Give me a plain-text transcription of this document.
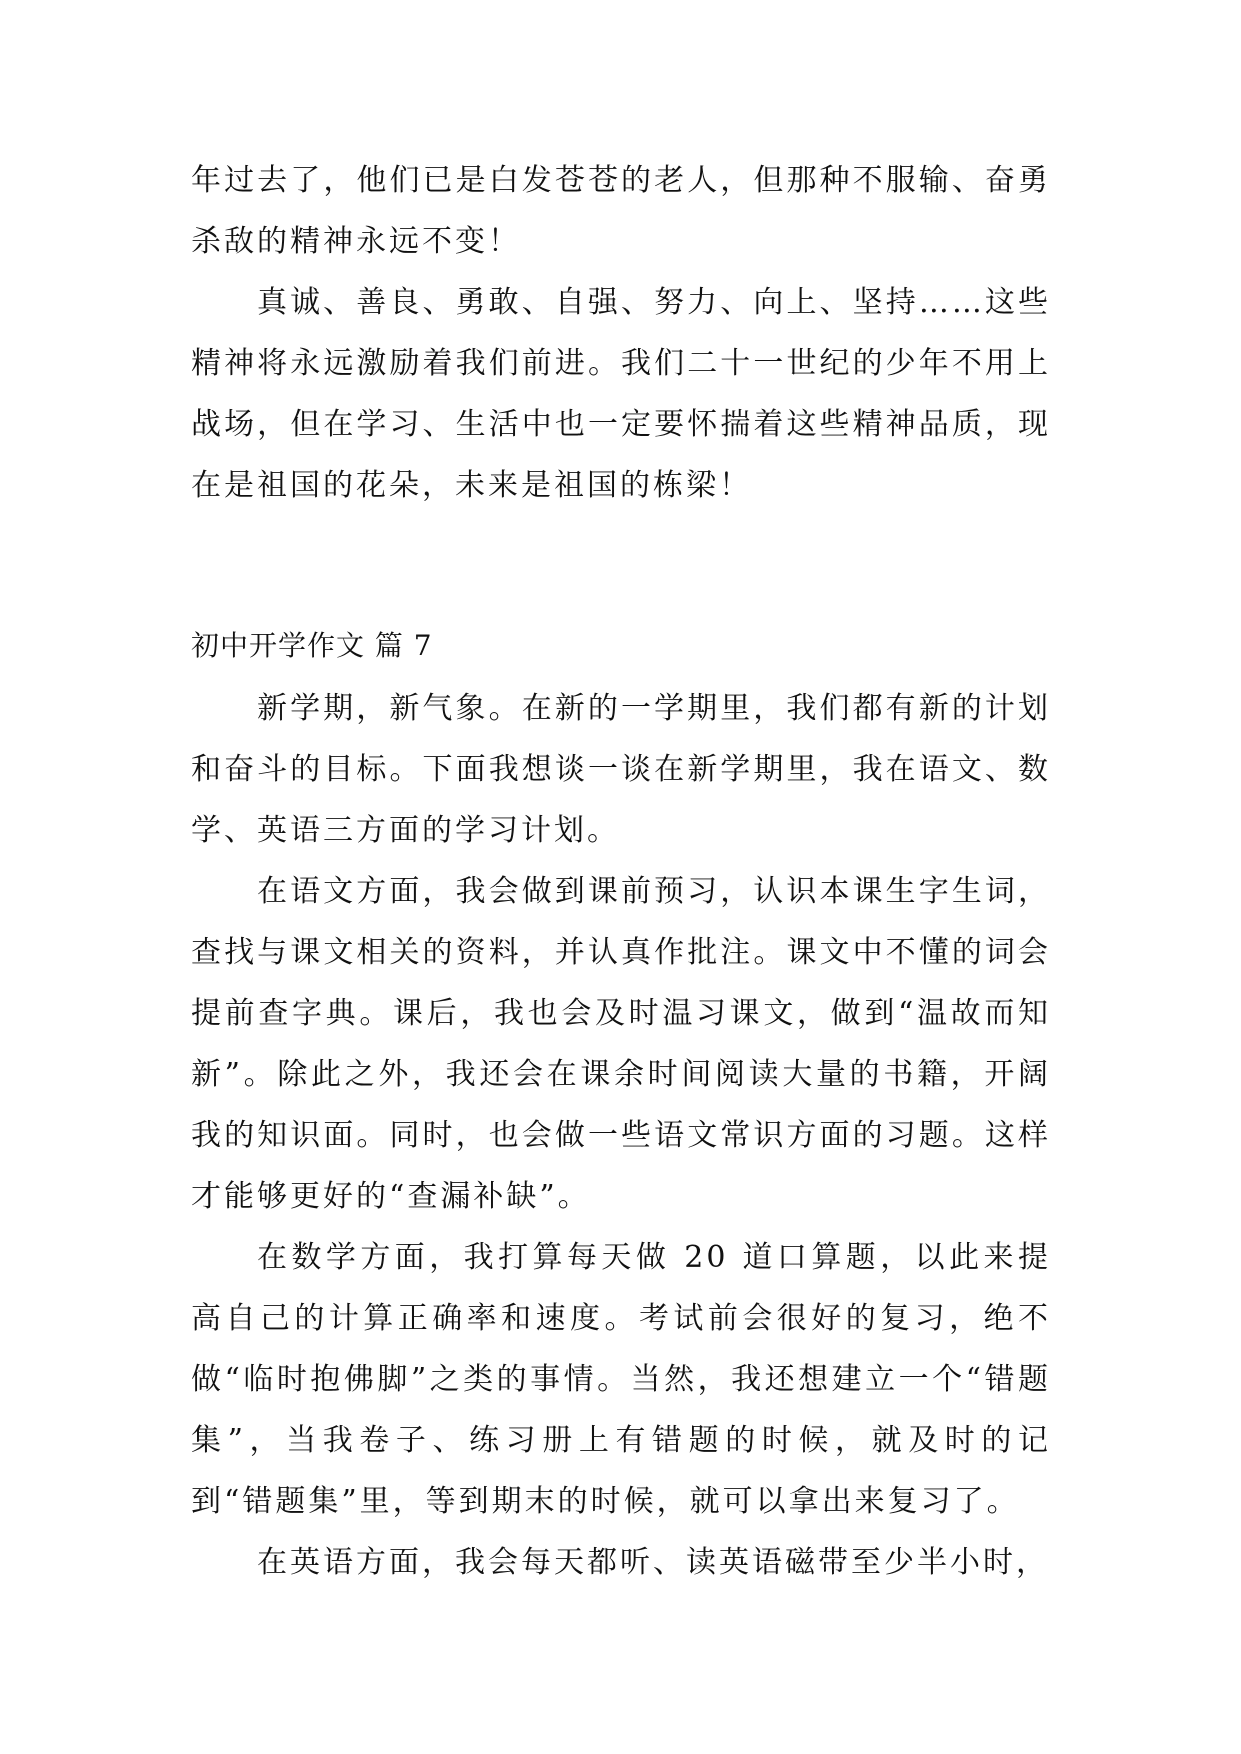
年过去了，他们已是白发苍苍的老人，但那种不服输、奋勇杀敌的精神永远不变！

真诚、善良、勇敢、自强、努力、向上、坚持……这些精神将永远激励着我们前进。我们二十一世纪的少年不用上战场，但在学习、生活中也一定要怀揣着这些精神品质，现在是祖国的花朵，未来是祖国的栋梁！

初中开学作文 篇 7

新学期，新气象。在新的一学期里，我们都有新的计划和奋斗的目标。下面我想谈一谈在新学期里，我在语文、数学、英语三方面的学习计划。

在语文方面，我会做到课前预习，认识本课生字生词，查找与课文相关的资料，并认真作批注。课文中不懂的词会提前查字典。课后，我也会及时温习课文，做到“温故而知新”。除此之外，我还会在课余时间阅读大量的书籍，开阔我的知识面。同时，也会做一些语文常识方面的习题。这样才能够更好的“查漏补缺”。

在数学方面，我打算每天做 20 道口算题，以此来提高自己的计算正确率和速度。考试前会很好的复习，绝不做“临时抱佛脚”之类的事情。当然，我还想建立一个“错题集”，当我卷子、练习册上有错题的时候，就及时的记到“错题集”里，等到期末的时候，就可以拿出来复习了。

在英语方面，我会每天都听、读英语磁带至少半小时，
